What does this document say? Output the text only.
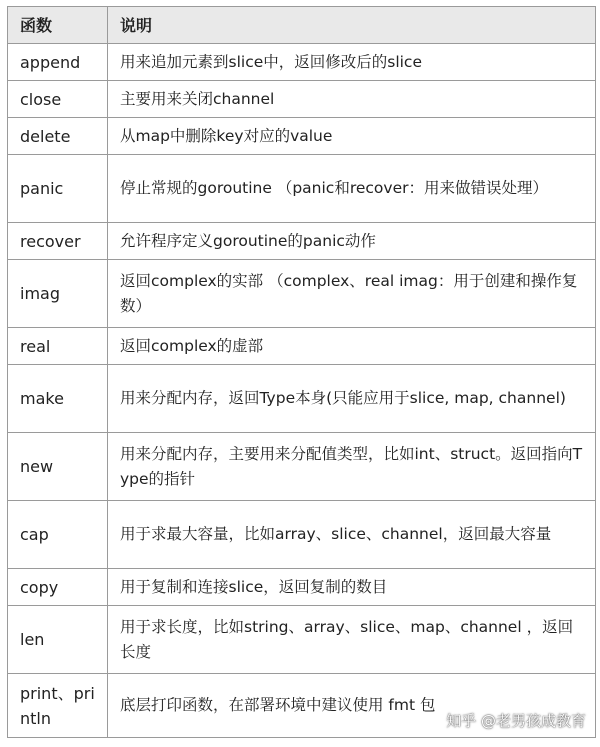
函数	说明
append	用来追加元素到slice中，返回修改后的slice
close	主要用来关闭channel
delete	从map中删除key对应的value
panic	停止常规的goroutine （panic和recover：用来做错误处理）
recover	允许程序定义goroutine的panic动作
imag	返回complex的实部 （complex、real imag：用于创建和操作复数）
real	返回complex的虚部
make	用来分配内存，返回Type本身(只能应用于slice, map, channel)
new	用来分配内存，主要用来分配值类型，比如int、struct。返回指向Type的指针
cap	用于求最大容量，比如array、slice、channel，返回最大容量
copy	用于复制和连接slice，返回复制的数目
len	用于求长度，比如string、array、slice、map、channel ，返回长度
print、println	底层打印函数，在部署环境中建议使用 fmt 包
知乎 @老男孩成教育
